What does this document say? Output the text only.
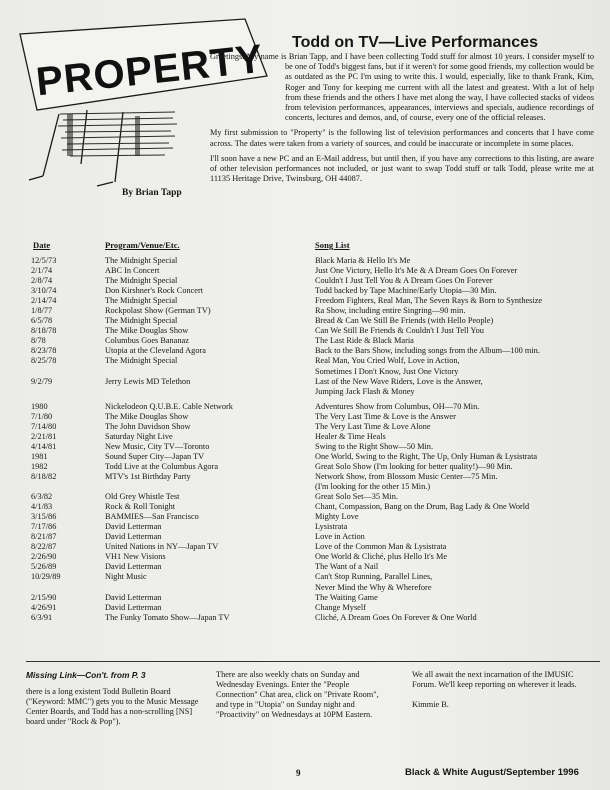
PROPERTY
By Brian Tapp
Todd on TV—Live Performances

Greetings. My name is Brian Tapp, and I have been collecting Todd stuff for almost 10 years. I consider myself to be one of Todd's biggest fans, but if it weren't for some good friends, my collection would be as outdated as the PC I'm using to write this. I would, especially, like to thank Frank, Kim, Roger and Tony for keeping me current with all the latest and greatest. With a lot of help from these friends and the others I have met along the way, I have collected stacks of videos from television performances, appearances, interviews and specials, audience recordings of concerts, lectures and demos, and, of course, every one of the official releases.

My first submission to "Property" is the following list of television performances and concerts that I have come across. The dates were taken from a variety of sources, and could be inaccurate or incomplete in some places.

I'll soon have a new PC and an E-Mail address, but until then, if you have any corrections to this listing, are aware of other television performances not included, or just want to swap Todd stuff or talk Todd, please write me at 11135 Heritage Drive, Twinsburg, OH 44087.

Date	Program/Venue/Etc.	Song List
12/5/73	The Midnight Special	Black Maria & Hello It's Me
2/1/74	ABC In Concert	Just One Victory, Hello It's Me & A Dream Goes On Forever
2/8/74	The Midnight Special	Couldn't I Just Tell You & A Dream Goes On Forever
3/10/74	Don Kirshner's Rock Concert	Todd backed by Tape Machine/Early Utopia—30 Min.
2/14/74	The Midnight Special	Freedom Fighters, Real Man, The Seven Rays & Born to Synthesize
1/8/77	Rockpolast Show (German TV)	Ra Show, including entire Singring—90 min.
6/5/78	The Midnight Special	Bread & Can We Still Be Friends (with Hello People)
8/18/78	The Mike Douglas Show	Can We Still Be Friends & Couldn't I Just Tell You
8/78	Columbus Goes Bananaz	The Last Ride & Black Maria
8/23/78	Utopia at the Cleveland Agora	Back to the Bars Show, including songs from the Album—100 min.
8/25/78	The Midnight Special	Real Man, You Cried Wolf, Love in Action,
Sometimes I Don't Know, Just One Victory
9/2/79	Jerry Lewis MD Telethon	Last of the New Wave Riders, Love is the Answer,
Jumping Jack Flash & Money
1980	Nickelodeon Q.U.B.E. Cable Network	Adventures Show from Columbus, OH—70 Min.
7/1/80	The Mike Douglas Show	The Very Last Time & Love is the Answer
7/14/80	The John Davidson Show	The Very Last Time & Love Alone
2/21/81	Saturday Night Live	Healer & Time Heals
4/14/81	New Music, City TV—Toronto	Swing to the Right Show—50 Min.
1981	Sound Super City—Japan TV	One World, Swing to the Right, The Up, Only Human & Lysistrata
1982	Todd Live at the Columbus Agora	Great Solo Show (I'm looking for better quality!)—90 Min.
8/18/82	MTV's 1st Birthday Party	Network Show, from Blossom Music Center—75 Min.
(I'm looking for the other 15 Min.)
6/3/82	Old Grey Whistle Test	Great Solo Set—35 Min.
4/1/83	Rock & Roll Tonight	Chant, Compassion, Bang on the Drum, Bag Lady & One World
3/15/86	BAMMIES—San Francisco	Mighty Love
7/17/86	David Letterman	Lysistrata
8/21/87	David Letterman	Love in Action
8/22/87	United Nations in NY—Japan TV	Love of the Common Man & Lysistrata
2/26/90	VH1 New Visions	One World & Cliché, plus Hello It's Me
5/26/89	David Letterman	The Want of a Nail
10/29/89	Night Music	Can't Stop Running, Parallel Lines,
Never Mind the Why & Wherefore
2/15/90	David Letterman	The Waiting Game
4/26/91	David Letterman	Change Myself
6/3/91	The Funky Tomato Show—Japan TV	Cliché, A Dream Goes On Forever & One World
Missing Link—Con't. from P. 3

there is a long existent Todd Bulletin Board ("Keyword: MMC") gets you to the Music Message Center Boards, and Todd has a non-scrolling [NS] board under "Rock & Pop").

There are also weekly chats on Sunday and Wednesday Evenings. Enter the "People Connection" Chat area, click on "Private Room", and type in "Utopia" on Sunday night and "Proactivity" on Wednesdays at 10PM Eastern.

We all await the next incarnation of the IMUSIC Forum. We'll keep reporting on wherever it leads.

Kimmie B.

9	Black & White August/September 1996
